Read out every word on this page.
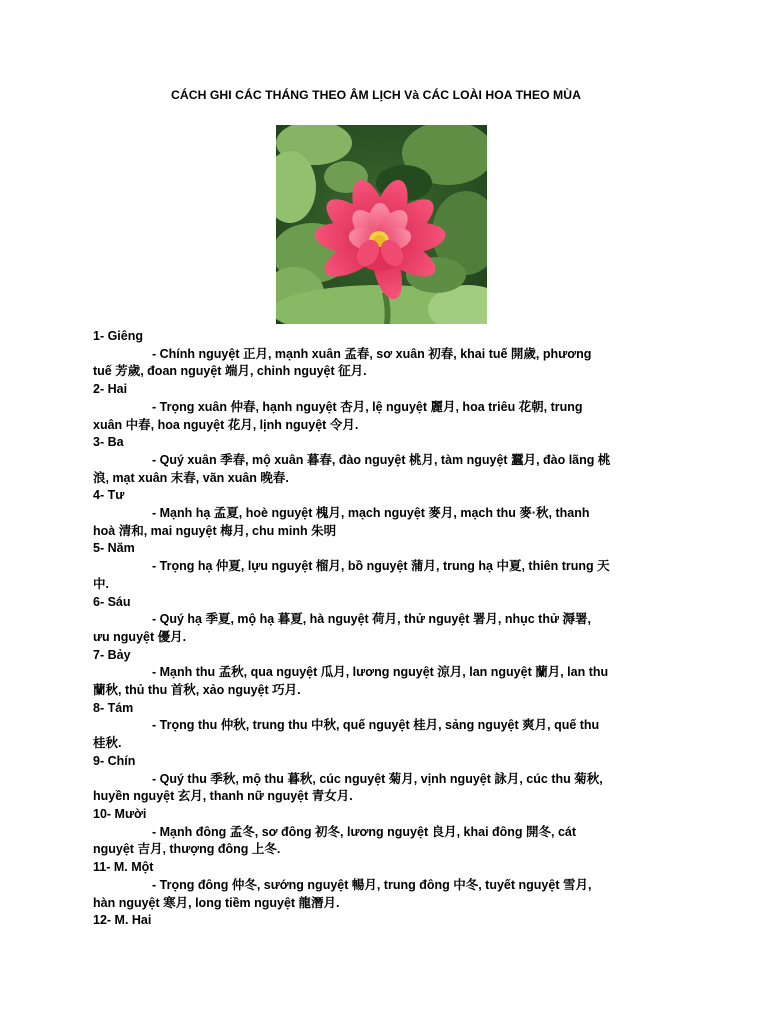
CÁCH GHI CÁC THÁNG THEO ÂM LỊCH Và CÁC LOÀI HOA THEO MÙA
1- Giêng
- Chính nguyệt 正月, mạnh xuân 孟春, sơ xuân 初春, khai tuế 開歲, phương
tuế 芳歲, đoan nguyệt 端月, chinh nguyệt 征月.
2- Hai
- Trọng xuân 仲春, hạnh nguyệt 杏月, lệ nguyệt 麗月, hoa triêu 花朝, trung
xuân 中春, hoa nguyệt 花月, lịnh nguyệt 令月.
3- Ba
- Quý xuân 季春, mộ xuân 暮春, đào nguyệt 桃月, tàm nguyệt 蠶月, đào lãng 桃
浪, mạt xuân 末春, vãn xuân 晚春.
4- Tư
- Mạnh hạ 孟夏, hoè nguyệt 槐月, mạch nguyệt 麥月, mạch thu 麥·秋, thanh
hoà 清和, mai nguyệt 梅月, chu minh 朱明
5- Năm
- Trọng hạ 仲夏, lựu nguyệt 榴月, bồ nguyệt 蒲月, trung hạ 中夏, thiên trung 天
中.
6- Sáu
- Quý hạ 季夏, mộ hạ 暮夏, hà nguyệt 荷月, thử nguyệt 署月, nhục thử 溽署,
ưu nguyệt 優月.
7- Bảy
- Mạnh thu 孟秋, qua nguyệt 瓜月, lương nguyệt 涼月, lan nguyệt 蘭月, lan thu
蘭秋, thủ thu 首秋, xảo nguyệt 巧月.
8- Tám
- Trọng thu 仲秋, trung thu 中秋, quế nguyệt 桂月, sảng nguyệt 爽月, quế thu
桂秋.
9- Chín
- Quý thu 季秋, mộ thu 暮秋, cúc nguyệt 菊月, vịnh nguyệt 詠月, cúc thu 菊秋,
huyền nguyệt 玄月, thanh nữ nguyệt 青女月.
10- Mười
- Mạnh đông 孟冬, sơ đông 初冬, lương nguyệt 良月, khai đông 開冬, cát
nguyệt 吉月, thượng đông 上冬.
11- M. Một
- Trọng đông 仲冬, sướng nguyệt 暢月, trung đông 中冬, tuyết nguyệt 雪月,
hàn nguyệt 寒月, long tiềm nguyệt 龍潛月.
12- M. Hai
